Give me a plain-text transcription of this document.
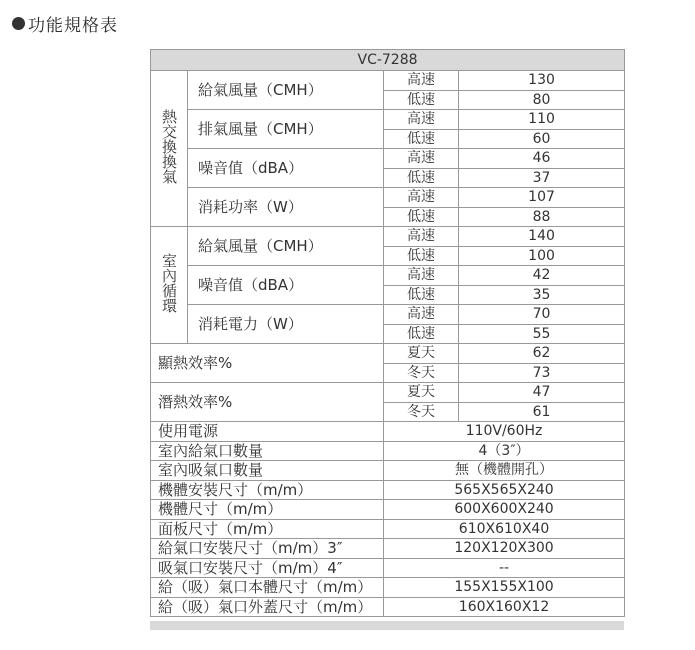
功能規格表
VC-7288			
熱交換換氣	給氣風量（CMH）	高速	130
		低速	80
	排氣風量（CMH）	高速	110
		低速	60
	噪音值（dBA）	高速	46
		低速	37
	消耗功率（W）	高速	107
		低速	88
室內循環	給氣風量（CMH）	高速	140
		低速	100
	噪音值（dBA）	高速	42
		低速	35
	消耗電力（W）	高速	70
		低速	55
顯熱效率%		夏天	62
		冬天	73
潛熱效率%		夏天	47
		冬天	61
使用電源		110V/60Hz	
室內給氣口數量		4（3″）	
室內吸氣口數量		無（機體開孔）	
機體安裝尺寸（m/m）		565X565X240	
機體尺寸（m/m）		600X600X240	
面板尺寸（m/m）		610X610X40	
給氣口安裝尺寸（m/m）3″		120X120X300	
吸氣口安裝尺寸（m/m）4″		--	
給（吸）氣口本體尺寸（m/m）		155X155X100	
給（吸）氣口外蓋尺寸（m/m）		160X160X12	
